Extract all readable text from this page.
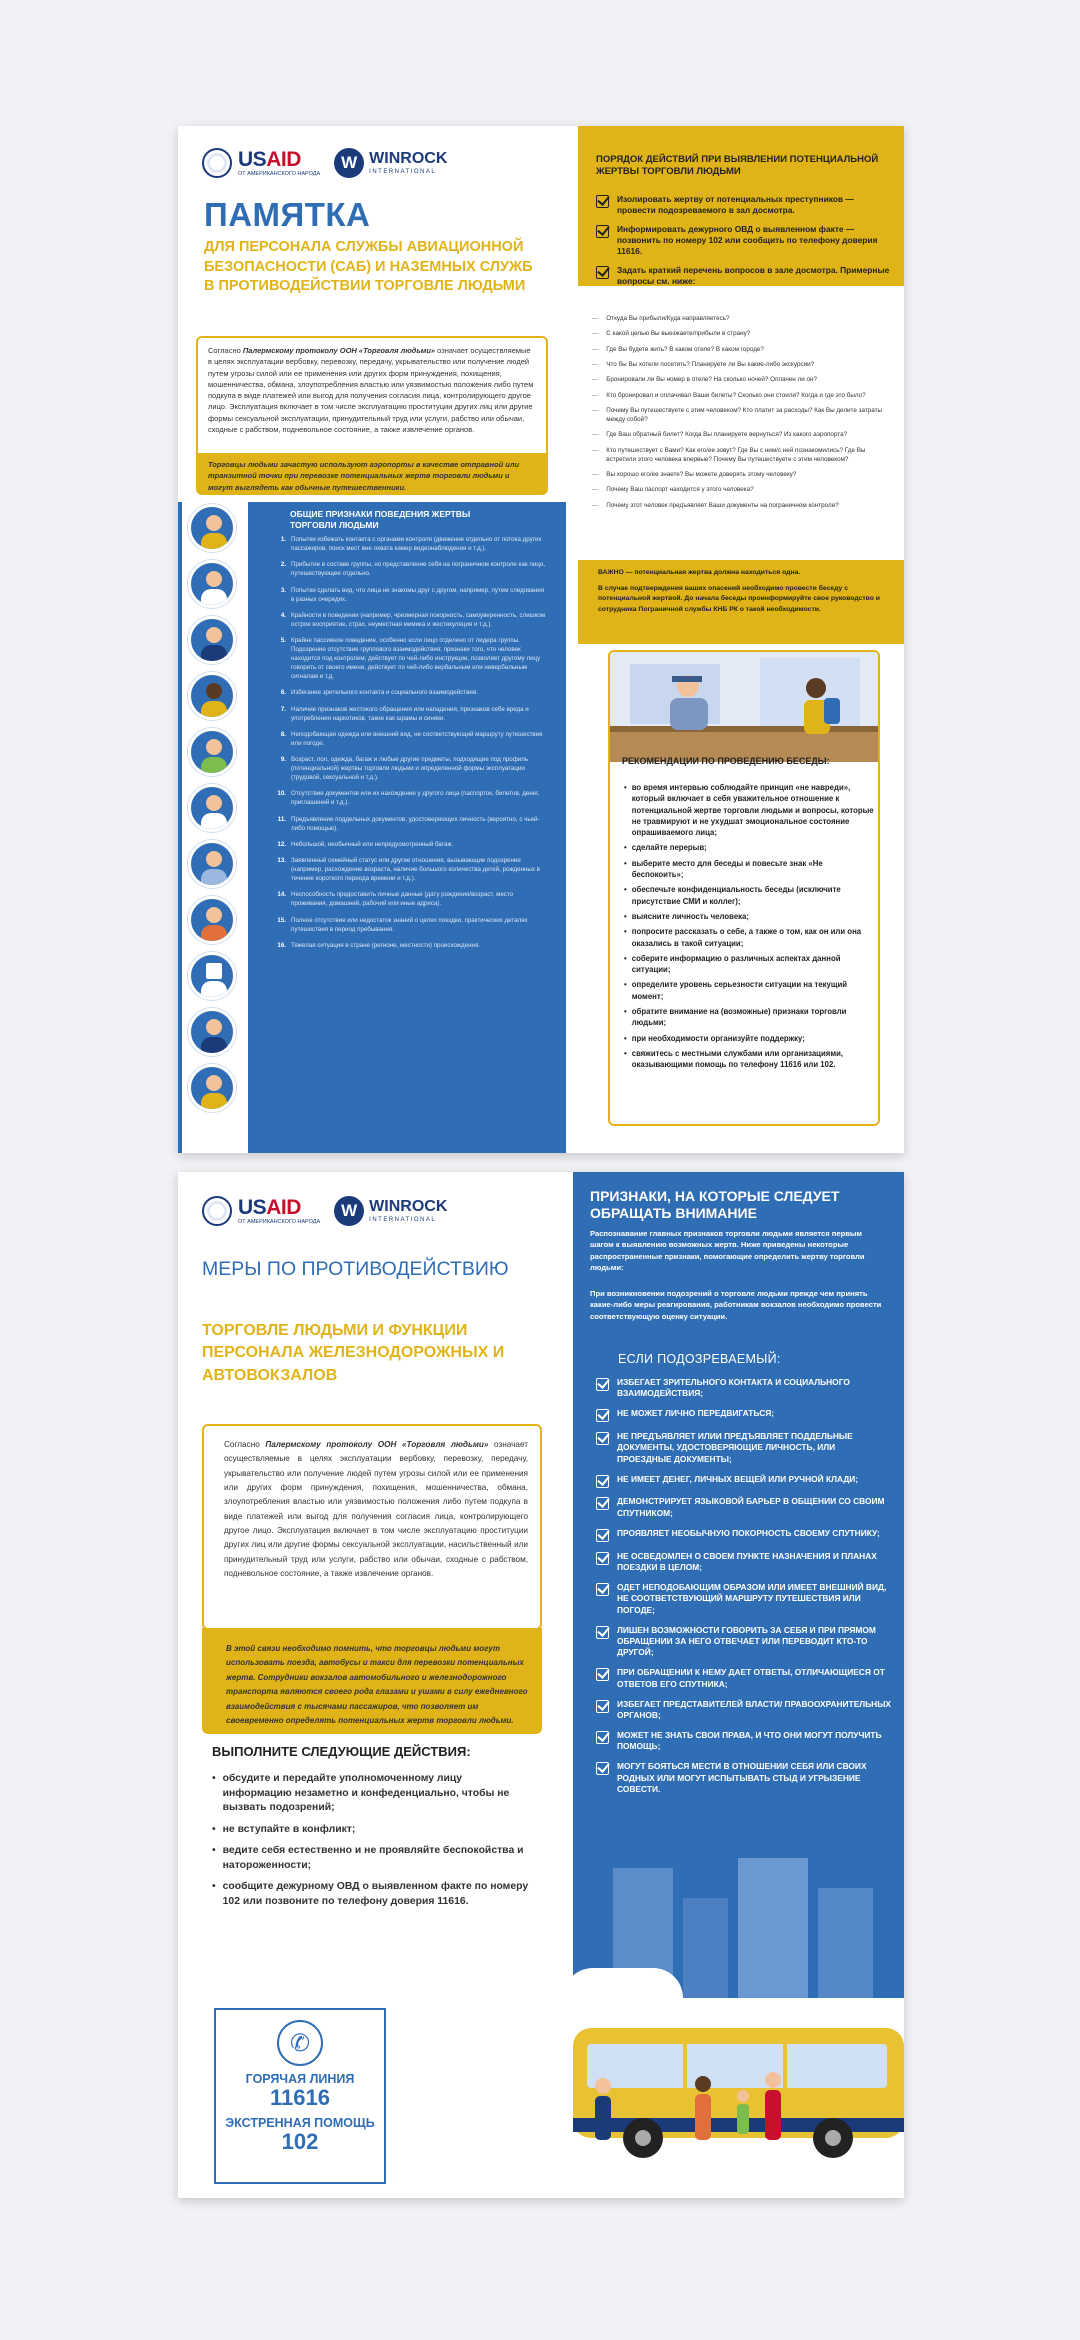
USAID
ОТ АМЕРИКАНСКОГО НАРОДА
W WINROCK
INTERNATIONAL
ПАМЯТКА
ДЛЯ ПЕРСОНАЛА СЛУЖБЫ АВИАЦИОННОЙ БЕЗОПАСНОСТИ (САБ) И НАЗЕМНЫХ СЛУЖБ В ПРОТИВОДЕЙСТВИИ ТОРГОВЛЕ ЛЮДЬМИ
Согласно Палермскому протоколу ООН «Торговля людьми» означает осуществляемые в целях эксплуатации вербовку, перевозку, передачу, укрывательство или получение людей путем угрозы силой или ее применения или других форм принуждения, похищения, мошенничества, обмана, злоупотребления властью или уязвимостью положения либо путем подкупа в виде платежей или выгод для получения согласия лица, контролирующего другое лицо. Эксплуатация включает в том числе эксплуатацию проституции других лиц или другие формы сексуальной эксплуатации, принудительный труд или услуги, рабство или обычаи, сходные с рабством, подневольное состояние, а также извлечение органов.
Торговцы людьми зачастую используют аэропорты в качестве отправной или транзитной точки при перевозке потенциальных жертв торговли людьми и могут выглядеть как обычные путешественники.
ОБЩИЕ ПРИЗНАКИ ПОВЕДЕНИЯ ЖЕРТВЫ ТОРГОВЛИ ЛЮДЬМИ
1. Попытки избежать контакта с органами контроля (движение отдельно от потока других пассажиров, поиск мест вне охвата камер видеонаблюдения и т.д.).
2. Прибытие в составе группы, но представление себя на пограничном контроле как лицо, путешествующее отдельно.
3. Попытки сделать вид, что лица не знакомы друг с другом, например, путем следования в разных очередях.
4. Крайности в поведении (например, чрезмерная покорность, самоуверенность, слишком острое восприятие, страх, неуместная мимика и жестикуляция и т.д.).
5. Крайне пассивное поведение, особенно если лицо отделено от лидера группы. Подозрение отсутствие группового взаимодействия; признаки того, что человек находится под контролем; действует по чей-либо инструкции, позволяет другому лицу говорить от своего имени, действует по чей-либо вербальным или невербальным сигналам и т.д.
6. Избегание зрительного контакта и социального взаимодействия.
7. Наличие признаков жестокого обращения или нападения, признаков себе вреда и употребления наркотиков, такие как шрамы и синяки.
8. Неподобающая одежда или внешний вид, не соответствующий маршруту путешествия или погоде.
9. Возраст, пол, одежда, багаж и любые другие предметы, подходящие под профиль (потенциальной) жертвы торговли людьми и определенной формы эксплуатации (трудовой, сексуальной и т.д.).
10. Отсутствие документов или их нахождение у другого лица (паспорток, билетов, денег, приглашений и т.д.).
11. Предъявление поддельных документов, удостоверяющих личность (вероятно, с чьей-либо помощью).
12. Небольшой, необычный или непредусмотренный багаж.
13. Заявленный семейный статус или другие отношения, вызывающие подозрение (например, расхождение возраста, наличие большого количества детей, рожденных в течение короткого периода времени и т.д.).
14. Неспособность предоставить личные данные (дату рождения/возраст, место проживания, домашний, рабочий или иные адреса).
15. Полное отсутствие или недостаток знаний о целях поездки, практических деталях путешествия в период пребывания.
16. Тяжелая ситуация в стране (регионе, местности) происхождения.
ПОРЯДОК ДЕЙСТВИЙ ПРИ ВЫЯВЛЕНИИ ПОТЕНЦИАЛЬНОЙ ЖЕРТВЫ ТОРГОВЛИ ЛЮДЬМИ
Изолировать жертву от потенциальных преступников — провести подозреваемого в зал досмотра.
Информировать дежурного ОВД о выявленном факте — позвонить по номеру 102 или сообщить по телефону доверия 11616.
Задать краткий перечень вопросов в зале досмотра. Примерные вопросы см. ниже:
— Откуда Вы прибыли/Куда направляетесь?
— С какой целью Вы выезжаете/прибыли в страну?
— Где Вы будете жить? В каком отеле? В каком городе?
— Что бы Вы хотели посетить? Планируете ли Вы какие-либо экскурсии?
— Бронировали ли Вы номер в отеле? На сколько ночей? Оплачен ли он?
— Кто бронировал и оплачивал Ваши билеты? Сколько они стоили? Когда и где это было?
— Почему Вы путешествуете с этим человеком? Кто платит за расходы? Как Вы делите затраты между собой?
— Где Ваш обратный билет? Когда Вы планируете вернуться? Из какого аэропорта?
— Кто путешествует с Вами? Как его/ее зовут? Где Вы с ним/с ней познакомились? Где Вы встретили этого человека впервые? Почему Вы путешествуете с этим человеком?
— Вы хорошо его/ее знаете? Вы можете доверять этому человеку?
— Почему Ваш паспорт находится у этого человека?
— Почему этот человек предъявляет Ваши документы на пограничном контроле?
ВАЖНО — потенциальная жертва должна находиться одна.
В случае подтверждения ваших опасений необходимо провести беседу с потенциальной жертвой. До начала беседы проинформируйте свое руководство и сотрудника Пограничной службы КНБ РК о такой необходимости.
РЕКОМЕНДАЦИИ ПО ПРОВЕДЕНИЮ БЕСЕДЫ:
• во время интервью соблюдайте принцип «не навреди», который включает в себя уважительное отношение к потенциальной жертве торговли людьми и вопросы, которые не травмируют и не ухудшат эмоциональное состояние опрашиваемого лица;
• сделайте перерыв;
• выберите место для беседы и повесьте знак «Не беспокоить»;
• обеспечьте конфиденциальность беседы (исключите присутствие СМИ и коллег);
• выясните личность человека;
• попросите рассказать о себе, а также о том, как он или она оказались в такой ситуации;
• соберите информацию о различных аспектах данной ситуации;
• определите уровень серьезности ситуации на текущий момент;
• обратите внимание на (возможные) признаки торговли людьми;
• при необходимости организуйте поддержку;
• свяжитесь с местными службами или организациями, оказывающими помощь по телефону 11616 или 102.
USAID
ОТ АМЕРИКАНСКОГО НАРОДА
W WINROCK
INTERNATIONAL
МЕРЫ ПО ПРОТИВОДЕЙСТВИЮ
ТОРГОВЛЕ ЛЮДЬМИ И ФУНКЦИИ ПЕРСОНАЛА ЖЕЛЕЗНОДОРОЖНЫХ И АВТОВОКЗАЛОВ
Согласно Палермскому протоколу ООН «Торговля людьми» означает осуществляемые в целях эксплуатации вербовку, перевозку, передачу, укрывательство или получение людей путем угрозы силой или ее применения или других форм принуждения, похищения, мошенничества, обмана, злоупотребления властью или уязвимостью положения либо путем подкупа в виде платежей или выгод для получения согласия лица, контролирующего другое лицо. Эксплуатация включает в том числе эксплуатацию проституции других лиц или другие формы сексуальной эксплуатации, насильственный или принудительный труд или услуги, рабство или обычаи, сходные с рабством, подневольное состояние, а также извлечение органов.
В этой связи необходимо помнить, что торговцы людьми могут использовать поезда, автобусы и такси для перевозки потенциальных жертв. Сотрудники вокзалов автомобильного и железнодорожного транспорта являются своего рода глазами и ушами в силу ежедневного взаимодействия с тысячами пассажиров, что позволяет им своевременно определять потенциальных жертв торговли людьми.
ВЫПОЛНИТЕ СЛЕДУЮЩИЕ ДЕЙСТВИЯ:
• обсудите и передайте уполномоченному лицу информацию незаметно и конфеденциально, чтобы не вызвать подозрений;
• не вступайте в конфликт;
• ведите себя естественно и не проявляйте беспокойства и натороженности;
• сообщите дежурному ОВД о выявленном факте по номеру 102 или позвоните по телефону доверия 11616.
✆
ГОРЯЧАЯ ЛИНИЯ
11616
ЭКСТРЕННАЯ ПОМОЩЬ
102
ПРИЗНАКИ, НА КОТОРЫЕ СЛЕДУЕТ ОБРАЩАТЬ ВНИМАНИЕ
Распознавание главных признаков торговли людьми является первым шагом к выявлению возможных жертв. Ниже приведены некоторые распространенные признаки, помогающие определить жертву торговли людьми:
При возникновении подозрений о торговле людьми прежде чем принять какие-либо меры реагирования, работникам вокзалов необходимо провести соответствующую оценку ситуации.
ЕСЛИ ПОДОЗРЕВАЕМЫЙ:
ИЗБЕГАЕТ ЗРИТЕЛЬНОГО КОНТАКТА И СОЦИАЛЬНОГО ВЗАИМОДЕЙСТВИЯ;
НЕ МОЖЕТ ЛИЧНО ПЕРЕДВИГАТЬСЯ;
НЕ ПРЕДЪЯВЛЯЕТ ИЛИИ ПРЕДЪЯВЛЯЕТ ПОДДЕЛЬНЫЕ ДОКУМЕНТЫ, УДОСТОВЕРЯЮЩИЕ ЛИЧНОСТЬ, ИЛИ ПРОЕЗДНЫЕ ДОКУМЕНТЫ;
НЕ ИМЕЕТ ДЕНЕГ, ЛИЧНЫХ ВЕЩЕЙ ИЛИ РУЧНОЙ КЛАДИ;
ДЕМОНСТРИРУЕТ ЯЗЫКОВОЙ БАРЬЕР В ОБЩЕНИИ СО СВОИМ СПУТНИКОМ;
ПРОЯВЛЯЕТ НЕОБЫЧНУЮ ПОКОРНОСТЬ СВОЕМУ СПУТНИКУ;
НЕ ОСВЕДОМЛЕН О СВОЕМ ПУНКТЕ НАЗНАЧЕНИЯ И ПЛАНАХ ПОЕЗДКИ В ЦЕЛОМ;
ОДЕТ НЕПОДОБАЮЩИМ ОБРАЗОМ ИЛИ ИМЕЕТ ВНЕШНИЙ ВИД, НЕ СООТВЕТСТВУЮЩИЙ МАРШРУТУ ПУТЕШЕСТВИЯ ИЛИ ПОГОДЕ;
ЛИШЕН ВОЗМОЖНОСТИ ГОВОРИТЬ ЗА СЕБЯ И ПРИ ПРЯМОМ ОБРАЩЕНИИ ЗА НЕГО ОТВЕЧАЕТ ИЛИ ПЕРЕВОДИТ КТО-ТО ДРУГОЙ;
ПРИ ОБРАЩЕНИИ К НЕМУ ДАЕТ ОТВЕТЫ, ОТЛИЧАЮЩИЕСЯ ОТ ОТВЕТОВ ЕГО СПУТНИКА;
ИЗБЕГАЕТ ПРЕДСТАВИТЕЛЕЙ ВЛАСТИ/ ПРАВООХРАНИТЕЛЬНЫХ ОРГАНОВ;
МОЖЕТ НЕ ЗНАТЬ СВОИ ПРАВА, И ЧТО ОНИ МОГУТ ПОЛУЧИТЬ ПОМОЩЬ;
МОГУТ БОЯТЬСЯ МЕСТИ В ОТНОШЕНИИ СЕБЯ ИЛИ СВОИХ РОДНЫХ ИЛИ МОГУТ ИСПЫТЫВАТЬ СТЫД И УГРЫЗЕНИЕ СОВЕСТИ.
